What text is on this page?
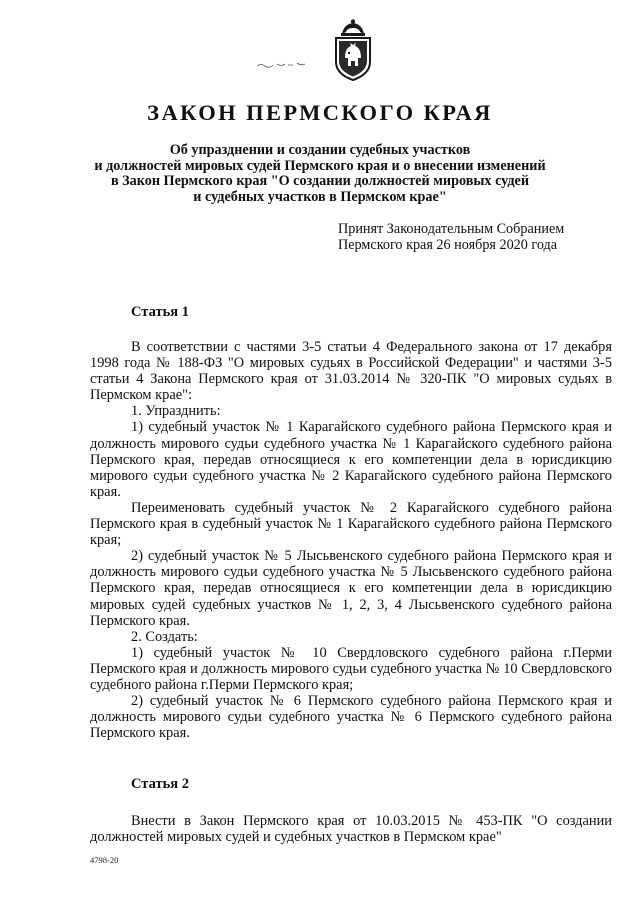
ЗАКОН ПЕРМСКОГО КРАЯ
Об упразднении и создании судебных участков
и должностей мировых судей Пермского края и о внесении изменений
в Закон Пермского края "О создании должностей мировых судей
и судебных участков в Пермском крае"
Принят Законодательным Собранием
Пермского края 26 ноября 2020 года
Статья 1

В соответствии с частями 3-5 статьи 4 Федерального закона от 17 декабря 1998 года № 188-ФЗ "О мировых судьях в Российской Федерации" и частями 3-5 статьи 4 Закона Пермского края от 31.03.2014 № 320-ПК "О мировых судьях в Пермском крае":

1. Упразднить:

1) судебный участок № 1 Карагайского судебного района Пермского края и должность мирового судьи судебного участка № 1 Карагайского судебного района Пермского края, передав относящиеся к его компетенции дела в юрисдикцию мирового судьи судебного участка № 2 Карагайского судебного района Пермского края.

Переименовать судебный участок № 2 Карагайского судебного района Пермского края в судебный участок № 1 Карагайского судебного района Пермского края;

2) судебный участок № 5 Лысьвенского судебного района Пермского края и должность мирового судьи судебного участка № 5 Лысьвенского судебного района Пермского края, передав относящиеся к его компетенции дела в юрисдикцию мировых судей судебных участков № 1, 2, 3, 4 Лысьвенского судебного района Пермского края.

2. Создать:

1) судебный участок № 10 Свердловского судебного района г.Перми Пермского края и должность мирового судьи судебного участка № 10 Свердловского судебного района г.Перми Пермского края;

2) судебный участок № 6 Пермского судебного района Пермского края и должность мирового судьи судебного участка № 6 Пермского судебного района Пермского края.

Статья 2

Внести в Закон Пермского края от 10.03.2015 № 453-ПК "О создании должностей мировых судей и судебных участков в Пермском крае"

4798-20
